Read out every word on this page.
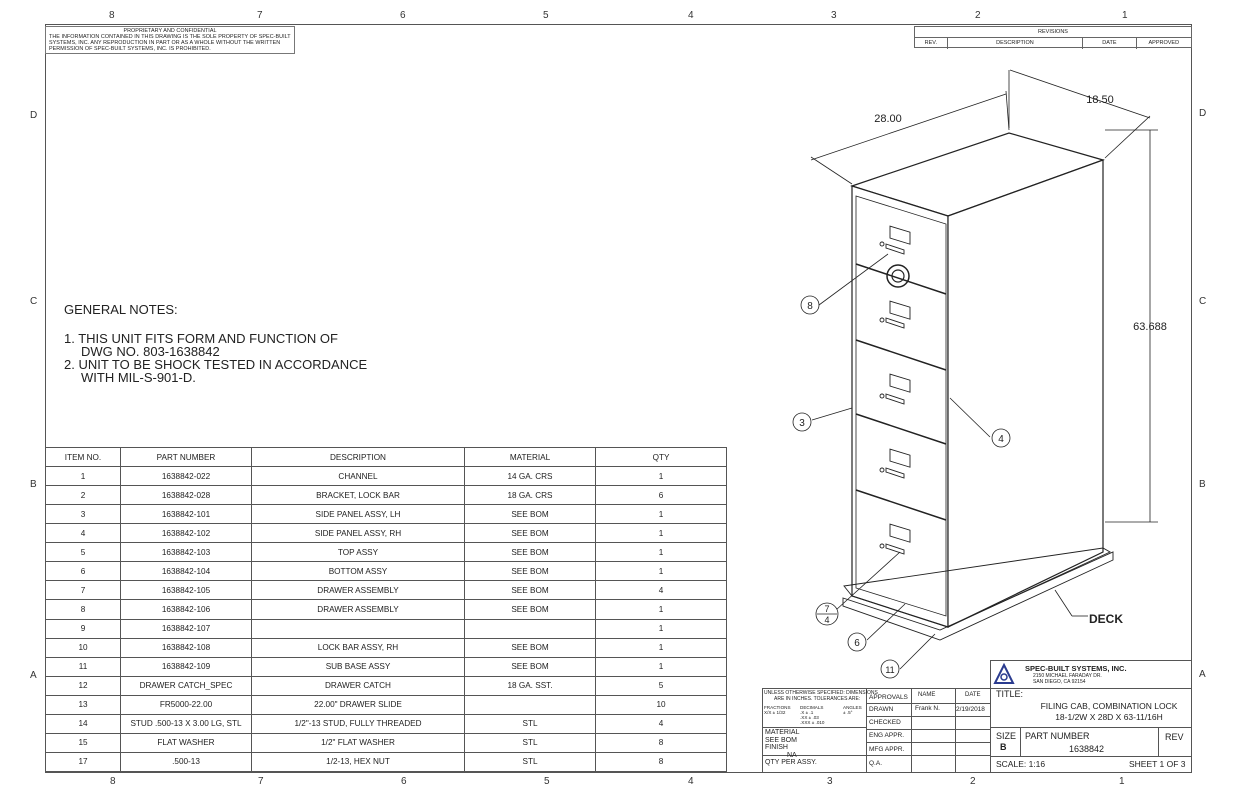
8	7	6	5	4	3	2	1
8	7	6	5	4	3	2	1
D
C
B
A
D
C
B
A
PROPRIETARY AND CONFIDENTIAL
THE INFORMATION CONTAINED IN THIS DRAWING IS THE SOLE PROPERTY OF SPEC-BUILT
SYSTEMS, INC. ANY REPRODUCTION IN PART OR AS A WHOLE WITHOUT THE WRITTEN
PERMISSION OF SPEC-BUILT SYSTEMS, INC. IS PROHIBITED.
REVISIONS
REV.	DESCRIPTION	DATE	APPROVED
GENERAL NOTES:
1. THIS UNIT FITS FORM AND FUNCTION OF
DWG NO. 803-1638842
2. UNIT TO BE SHOCK TESTED IN ACCORDANCE
WITH MIL-S-901-D.
ITEM NO.	PART NUMBER	DESCRIPTION	MATERIAL	QTY
1	1638842-022	CHANNEL	14 GA. CRS	1
2	1638842-028	BRACKET, LOCK BAR	18 GA. CRS	6
3	1638842-101	SIDE PANEL ASSY, LH	SEE BOM	1
4	1638842-102	SIDE PANEL ASSY, RH	SEE BOM	1
5	1638842-103	TOP ASSY	SEE BOM	1
6	1638842-104	BOTTOM ASSY	SEE BOM	1
7	1638842-105	DRAWER ASSEMBLY	SEE BOM	4
8	1638842-106	DRAWER ASSEMBLY	SEE BOM	1
9	1638842-107			1
10	1638842-108	LOCK BAR ASSY, RH	SEE BOM	1
11	1638842-109	SUB BASE ASSY	SEE BOM	1
12	DRAWER CATCH_SPEC	DRAWER CATCH	18 GA. SST.	5
13	FR5000-22.00	22.00" DRAWER SLIDE		10
14	STUD .500-13 X 3.00 LG, STL	1/2"-13 STUD, FULLY THREADED	STL	4
15	FLAT WASHER	1/2" FLAT WASHER	STL	8
17	.500-13	1/2-13, HEX NUT	STL	8
8
3
4
7
4
6
11
28.00
18.50
63.688
DECK
UNLESS OTHERWISE SPECIFIED: DIMENSIONS
ARE IN INCHES. TOLERANCES ARE:
FRACTIONS
X/X ± 1/32
DECIMALS
.X ± .1
.XX ± .03
.XXX ± .010
ANGLES
± .5°
MATERIAL
SEE BOM
FINISH
NA
QTY PER ASSY.
APPROVALS NAME	DATE
DRAWN	Frank N. 2/19/2018
CHECKED
ENG APPR.
MFG APPR.
Q.A.
SPEC-BUILT SYSTEMS, INC.
2150 MICHAEL FARADAY DR.
SAN DIEGO, CA 92154
TITLE:
FILING CAB, COMBINATION LOCK
18-1/2W X 28D X 63-11/16H
SIZE
B
PART NUMBER
1638842
REV
SCALE: 1:16	SHEET 1 OF 3
